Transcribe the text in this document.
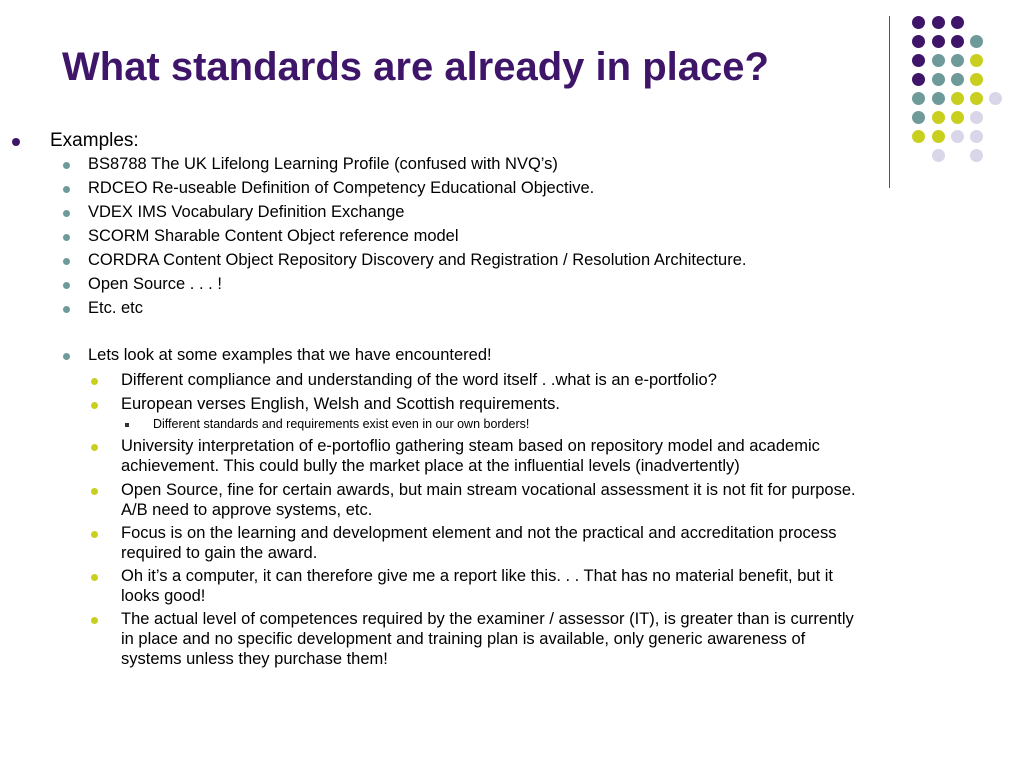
What standards are already in place?
Examples:
BS8788 The UK Lifelong Learning Profile (confused with NVQ’s)
RDCEO Re-useable Definition of Competency Educational Objective.
VDEX IMS Vocabulary Definition Exchange
SCORM Sharable Content Object reference model
CORDRA Content Object Repository Discovery and Registration / Resolution Architecture.
Open Source . . . !
Etc. etc
Lets look at some examples that we have encountered!
Different compliance and understanding of the word itself . .what is an e-portfolio?
European verses English, Welsh and Scottish requirements.
Different standards and requirements exist even in our own borders!
University interpretation of e-portoflio gathering steam based on repository model and academic
achievement. This could bully the market place at the influential levels (inadvertently)
Open Source, fine for certain awards, but main stream vocational assessment it is not fit for purpose.
A/B need to approve systems, etc.
Focus is on the learning and development element and not the practical and accreditation process
required to gain the award.
Oh it’s a computer, it can therefore give me a report like this. . . That has no material benefit, but it
looks good!
The actual level of competences required by the examiner / assessor (IT), is greater than is currently
in place and no specific development and training plan is available, only generic awareness of
systems unless they purchase them!
